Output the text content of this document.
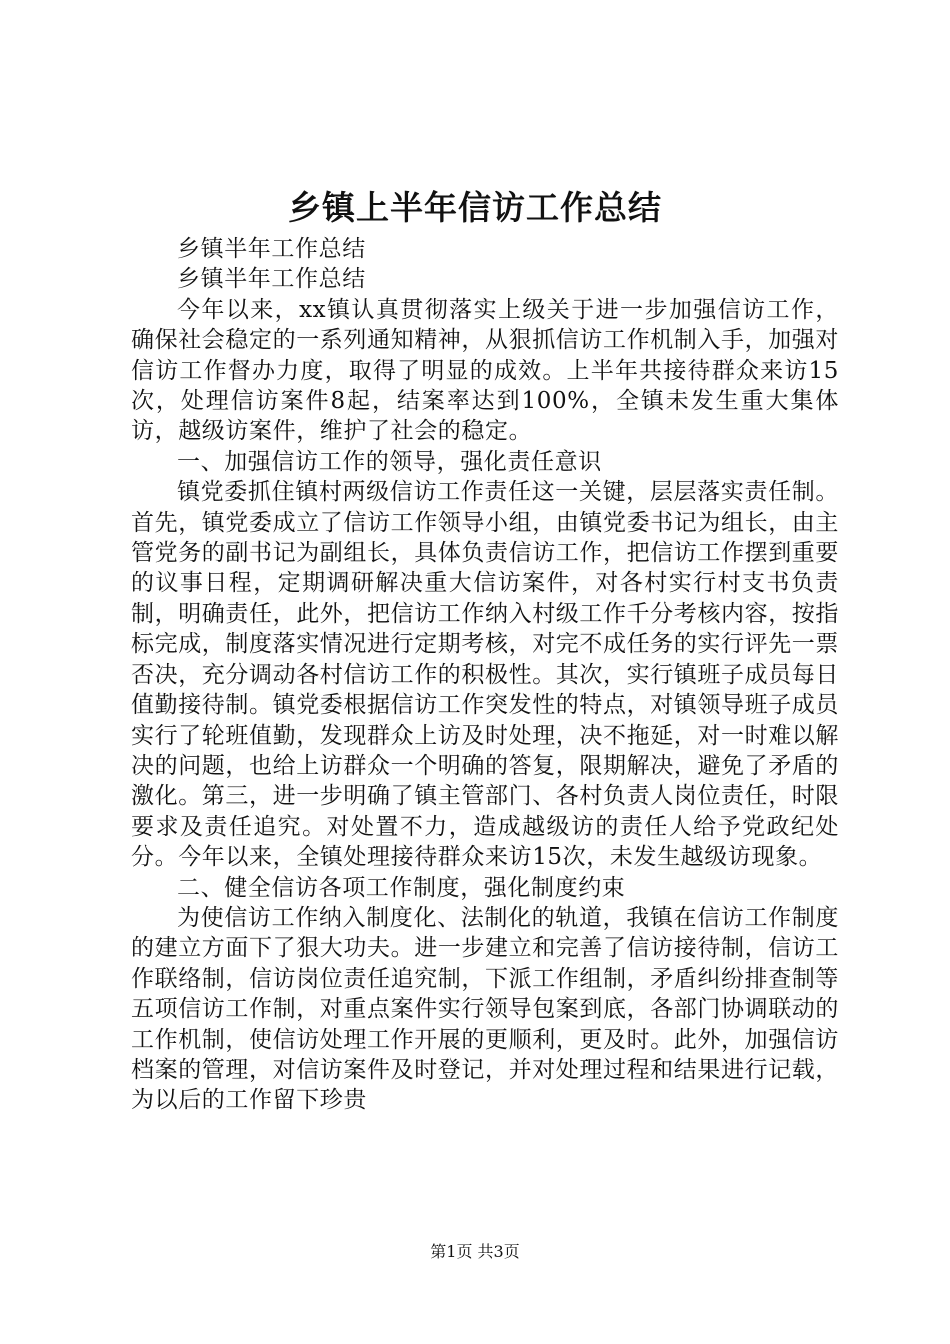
乡镇上半年信访工作总结

乡镇半年工作总结

乡镇半年工作总结

今年以来，xx镇认真贯彻落实上级关于进一步加强信访工作，确保社会稳定的一系列通知精神，从狠抓信访工作机制入手，加强对信访工作督办力度，取得了明显的成效。上半年共接待群众来访15次，处理信访案件8起，结案率达到100%，全镇未发生重大集体访，越级访案件，维护了社会的稳定。

一、加强信访工作的领导，强化责任意识

镇党委抓住镇村两级信访工作责任这一关键，层层落实责任制。首先，镇党委成立了信访工作领导小组，由镇党委书记为组长，由主管党务的副书记为副组长，具体负责信访工作，把信访工作摆到重要的议事日程，定期调研解决重大信访案件，对各村实行村支书负责制，明确责任，此外，把信访工作纳入村级工作千分考核内容，按指标完成，制度落实情况进行定期考核，对完不成任务的实行评先一票否决，充分调动各村信访工作的积极性。其次，实行镇班子成员每日值勤接待制。镇党委根据信访工作突发性的特点，对镇领导班子成员实行了轮班值勤，发现群众上访及时处理，决不拖延，对一时难以解决的问题，也给上访群众一个明确的答复，限期解决，避免了矛盾的激化。第三，进一步明确了镇主管部门、各村负责人岗位责任，时限要求及责任追究。对处置不力，造成越级访的责任人给予党政纪处分。今年以来，全镇处理接待群众来访15次，未发生越级访现象。

二、健全信访各项工作制度，强化制度约束

为使信访工作纳入制度化、法制化的轨道，我镇在信访工作制度的建立方面下了狠大功夫。进一步建立和完善了信访接待制，信访工作联络制，信访岗位责任追究制，下派工作组制，矛盾纠纷排查制等五项信访工作制，对重点案件实行领导包案到底，各部门协调联动的工作机制，使信访处理工作开展的更顺利，更及时。此外，加强信访档案的管理，对信访案件及时登记，并对处理过程和结果进行记载，为以后的工作留下珍贵

第1页 共3页
